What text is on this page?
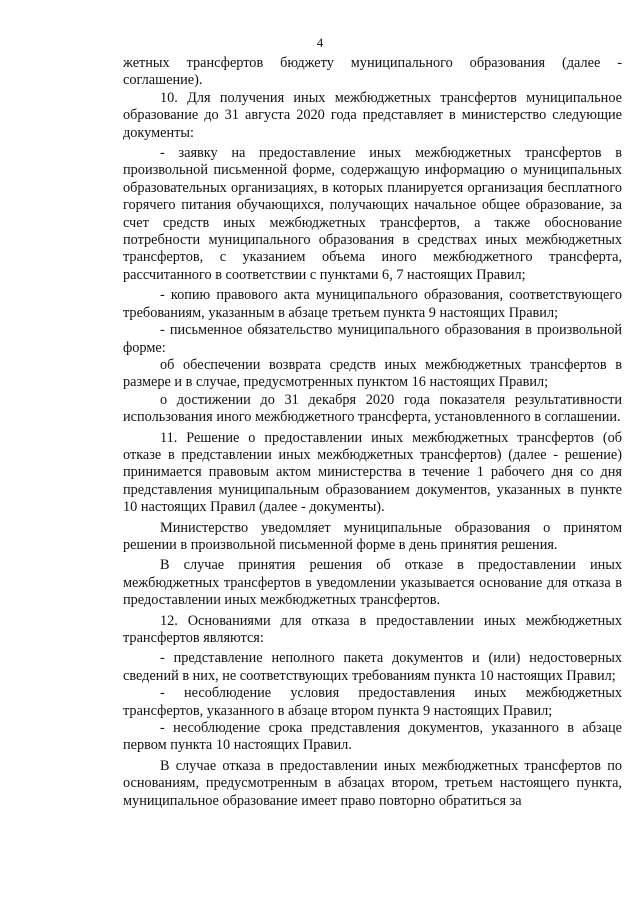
4

жетных трансфертов бюджету муниципального образования (далее - соглашение).

10. Для получения иных межбюджетных трансфертов муниципальное образование до 31 августа 2020 года представляет в министерство следующие документы:

- заявку на предоставление иных межбюджетных трансфертов в произвольной письменной форме, содержащую информацию о муниципальных образовательных организациях, в которых планируется организация бесплатного горячего питания обучающихся, получающих начальное общее образование, за счет средств иных межбюджетных трансфертов, а также обоснование потребности муниципального образования в средствах иных межбюджетных трансфертов, с указанием объема иного межбюджетного трансферта, рассчитанного в соответствии с пунктами 6, 7 настоящих Правил;

- копию правового акта муниципального образования, соответствующего требованиям, указанным в абзаце третьем пункта 9 настоящих Правил;

- письменное обязательство муниципального образования в произвольной форме:

об обеспечении возврата средств иных межбюджетных трансфертов в размере и в случае, предусмотренных пунктом 16 настоящих Правил;

о достижении до 31 декабря 2020 года показателя результативности использования иного межбюджетного трансферта, установленного в соглашении.

11. Решение о предоставлении иных межбюджетных трансфертов (об отказе в представлении иных межбюджетных трансфертов) (далее - решение) принимается правовым актом министерства в течение 1 рабочего дня со дня представления муниципальным образованием документов, указанных в пункте 10 настоящих Правил (далее - документы).

Министерство уведомляет муниципальные образования о принятом решении в произвольной письменной форме в день принятия решения.

В случае принятия решения об отказе в предоставлении иных межбюджетных трансфертов в уведомлении указывается основание для отказа в предоставлении иных межбюджетных трансфертов.

12. Основаниями для отказа в предоставлении иных межбюджетных трансфертов являются:

- представление неполного пакета документов и (или) недостоверных сведений в них, не соответствующих требованиям пункта 10 настоящих Правил;

- несоблюдение условия предоставления иных межбюджетных трансфертов, указанного в абзаце втором пункта 9 настоящих Правил;

- несоблюдение срока представления документов, указанного в абзаце первом пункта 10 настоящих Правил.

В случае отказа в предоставлении иных межбюджетных трансфертов по основаниям, предусмотренным в абзацах втором, третьем настоящего пункта, муниципальное образование имеет право повторно обратиться за
